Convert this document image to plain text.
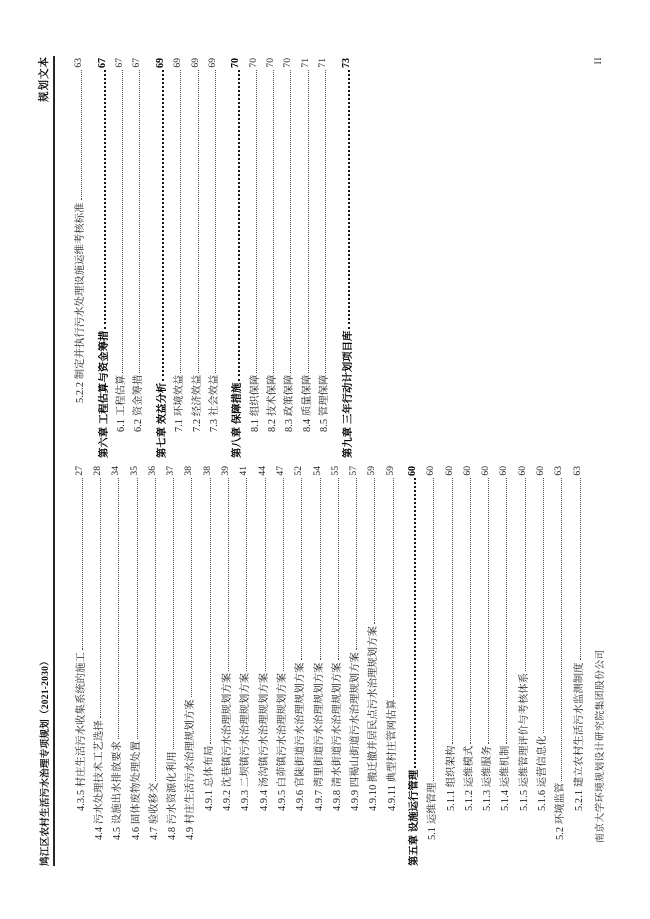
鸠江区农村生活污水治理专项规划（2021-2030）
规划文本
4.3.5 村庄生活污水收集系统的施工
27
4.4 污水处理技术工艺选择
28
4.5 设施出水排放要求
34
4.6 固体废物处理处置
35
4.7 验收移交
36
4.8 污水资源化利用
37
4.9 村庄生活污水治理规划方案
38
4.9.1 总体布局
38
4.9.2 沈巷镇污水治理规划方案
39
4.9.3 二坝镇污水治理规划方案
41
4.9.4 汤沟镇污水治理规划方案
44
4.9.5 白茆镇污水治理规划方案
47
4.9.6 官陡街道污水治理规划方案
52
4.9.7 湾里街道污水治理规划方案
54
4.9.8 清水街道污水治理规划方案
55
4.9.9 四褐山街道污水治理规划方案
57
4.9.10 搬迁撤并居民点污水治理规划方案
59
4.9.11 典型村庄管网估算
59
第五章 设施运行管理
60
5.1 运维管理
60
5.1.1 组织架构
60
5.1.2 运维模式
60
5.1.3 运维服务
60
5.1.4 运维机制
60
5.1.5 运维管理评价与考核体系
60
5.1.6 运营信息化
60
5.2 环境监管
63
5.2.1 建立农村生活污水监测制度
63
5.2.2 制定并执行污水处理设施运维考核标准
63
第六章 工程估算与资金筹措
67
6.1 工程估算
67
6.2 资金筹措
67
第七章 效益分析
69
7.1 环境效益
69
7.2 经济效益
69
7.3 社会效益
69
第八章 保障措施
70
8.1 组织保障
70
8.2 技术保障
70
8.3 政策保障
70
8.4 质量保障
71
8.5 管理保障
71
第九章 三年行动计划项目库
73
南京大学环境规划设计研究院集团股份公司
II
